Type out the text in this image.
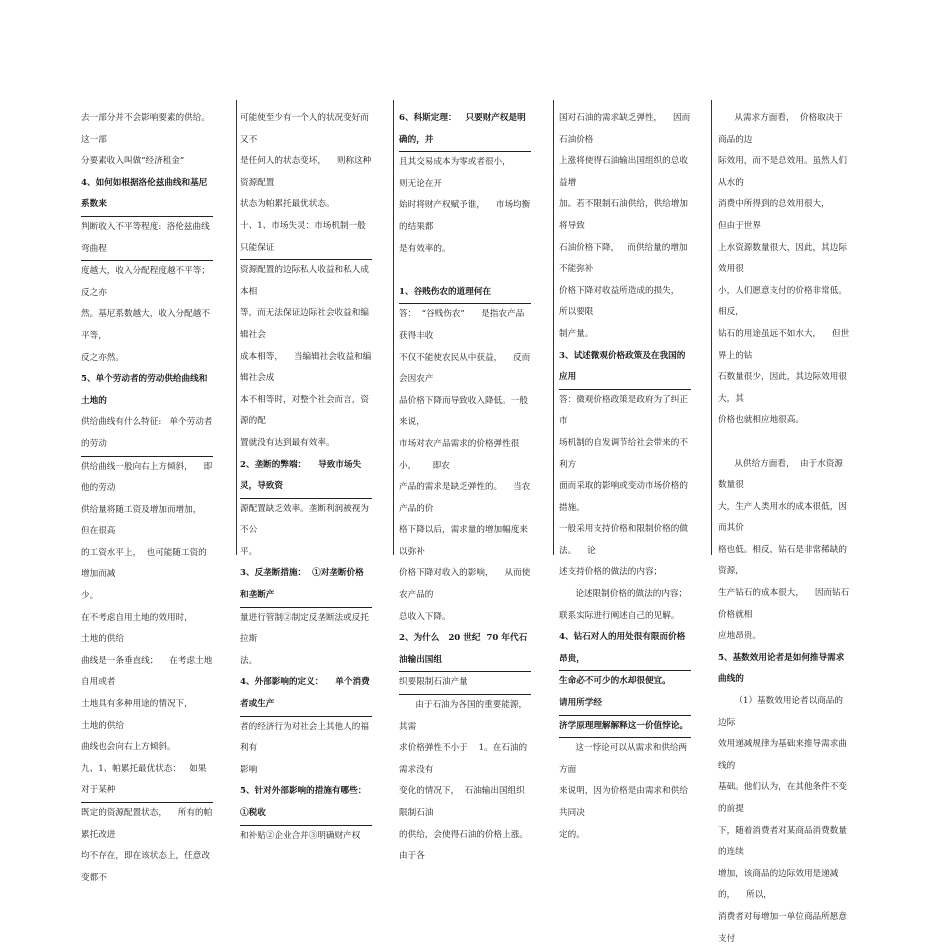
去一部分并不会影响要素的供给。    这一部

分要素收入叫做“经济租金”

4、如何如根据洛伦兹曲线和基尼系数来

判断收入不平等程度:  洛伦兹曲线弯曲程

度越大，收入分配程度越不平等；反之亦

然。基尼系数越大，收入分配越不平等，

反之亦然。

5、单个劳动者的劳动供给曲线和土地的

供给曲线有什么特征:   单个劳动者的劳动

供给曲线一般向右上方倾斜，    即他的劳动

供给量将随工资及增加而增加，    但在很高

的工资水平上，  也可能随工资的增加而减

少。

在不考虑自用土地的效用时，      土地的供给

曲线是一条垂直线；    在考虑土地自用或者

土地具有多种用途的情况下，      土地的供给

曲线也会向右上方倾斜。

九、1、帕累托最优状态：   如果对于某种

既定的资源配置状态，    所有的帕累托改进

均不存在，即在该状态上，任意改变都不

可能使至少有一个人的状况变好而又不

是任何人的状态变坏，    则称这种资源配置

状态为帕累托最优状态。

十、1、市场失灵：市场机制一般只能保证

资源配置的边际私人收益和私人成本相

等，而无法保证边际社会收益和编辑社会

成本相等，    当编辑社会收益和编辑社会成

本不相等时，对整个社会而言，资源的配

置就没有达到最有效率。

2、垄断的弊端：    导致市场失灵，导致资

源配置缺乏效率。垄断利润被视为不公

平。

3、反垄断措施：  ①对垄断价格和垄断产

量进行管制②制定反垄断法或反托拉斯

法。

4、外部影响的定义：    单个消费者或生产

者的经济行为对社会上其他人的福利有

影响

5、针对外部影响的措施有哪些：      ①税收

和补贴②企业合并③明确财产权

6、科斯定理：   只要财产权是明确的，并

且其交易成本为零或者很小，      则无论在开

始时将财产权赋予谁，    市场均衡的结果都

是有效率的。

1、谷贱伤农的道理何在

答：  “谷贱伤农”      是指农产品获得丰收

不仅不能使农民从中获益，    反而会因农产

品价格下降而导致收入降低。一般来说，

市场对农产品需求的价格弹性很小，      即农

产品的需求是缺乏弹性的。    当农产品的价

格下降以后，需求量的增加幅度来以弥补

价格下降对收入的影响，    从而使农产品的

总收入下降。

2、为什么   20 世纪  70 年代石油输出国组

织要限制石油产量

由于石油为各国的重要能源，    其需

求价格弹性不小于    1。在石油的需求没有

变化的情况下，  石油输出国组织限制石油

的供给，会使得石油的价格上涨。由于各

国对石油的需求缺乏弹性，    因而石油价格

上涨将使得石油输出国组织的总收益增

加。若不限制石油供给，供给增加将导致

石油价格下降，   而供给量的增加不能弥补

价格下降对收益所造成的损失，      所以要限

制产量。

3、试述微观价格政策及在我国的应用

答：微观价格政策是政府为了纠正市

场机制的自发调节给社会带来的不利方

面而采取的影响或变动市场价格的措施。

一般采用支持价格和限制价格的做法。    论

述支持价格的做法的内容；

论述限制价格的做法的内容；

联系实际进行阐述自己的见解。

4、钻石对人的用处很有限而价格昂贵，

生命必不可少的水却很便宜。    请用所学经

济学原理理解解释这一价值悖论。

这一悖论可以从需求和供给两方面

来说明，因为价格是由需求和供给共同决

定的。

从需求方面看，  价格取决于商品的边

际效用，而不是总效用。虽然人们从水的

消费中所得到的总效用很大，      但由于世界

上水资源数量很大，因此，其边际效用很

小，人们愿意支付的价格非常低。相反，

钻石的用途虽远不如水大，    但世界上的钻

石数量很少，因此，其边际效用很大，其

价格也就相应地很高。

从供给方面看，  由于水资源数量很

大，生产人类用水的成本很低，因而其价

格也低。相反，钻石是非常稀缺的资源，

生产钻石的成本很大，    因而钻石价格就相

应地昂贵。

5、基数效用论者是如何推导需求曲线的

（1）基数效用论者以商品的边际

效用递减规律为基础来推导需求曲线的

基础。他们认为，在其他条件不变的前提

下，随着消费者对某商品消费数量的连续

增加，该商品的边际效用是递减的，    所以，

消费者对每增加一单位商品所愿意支付
